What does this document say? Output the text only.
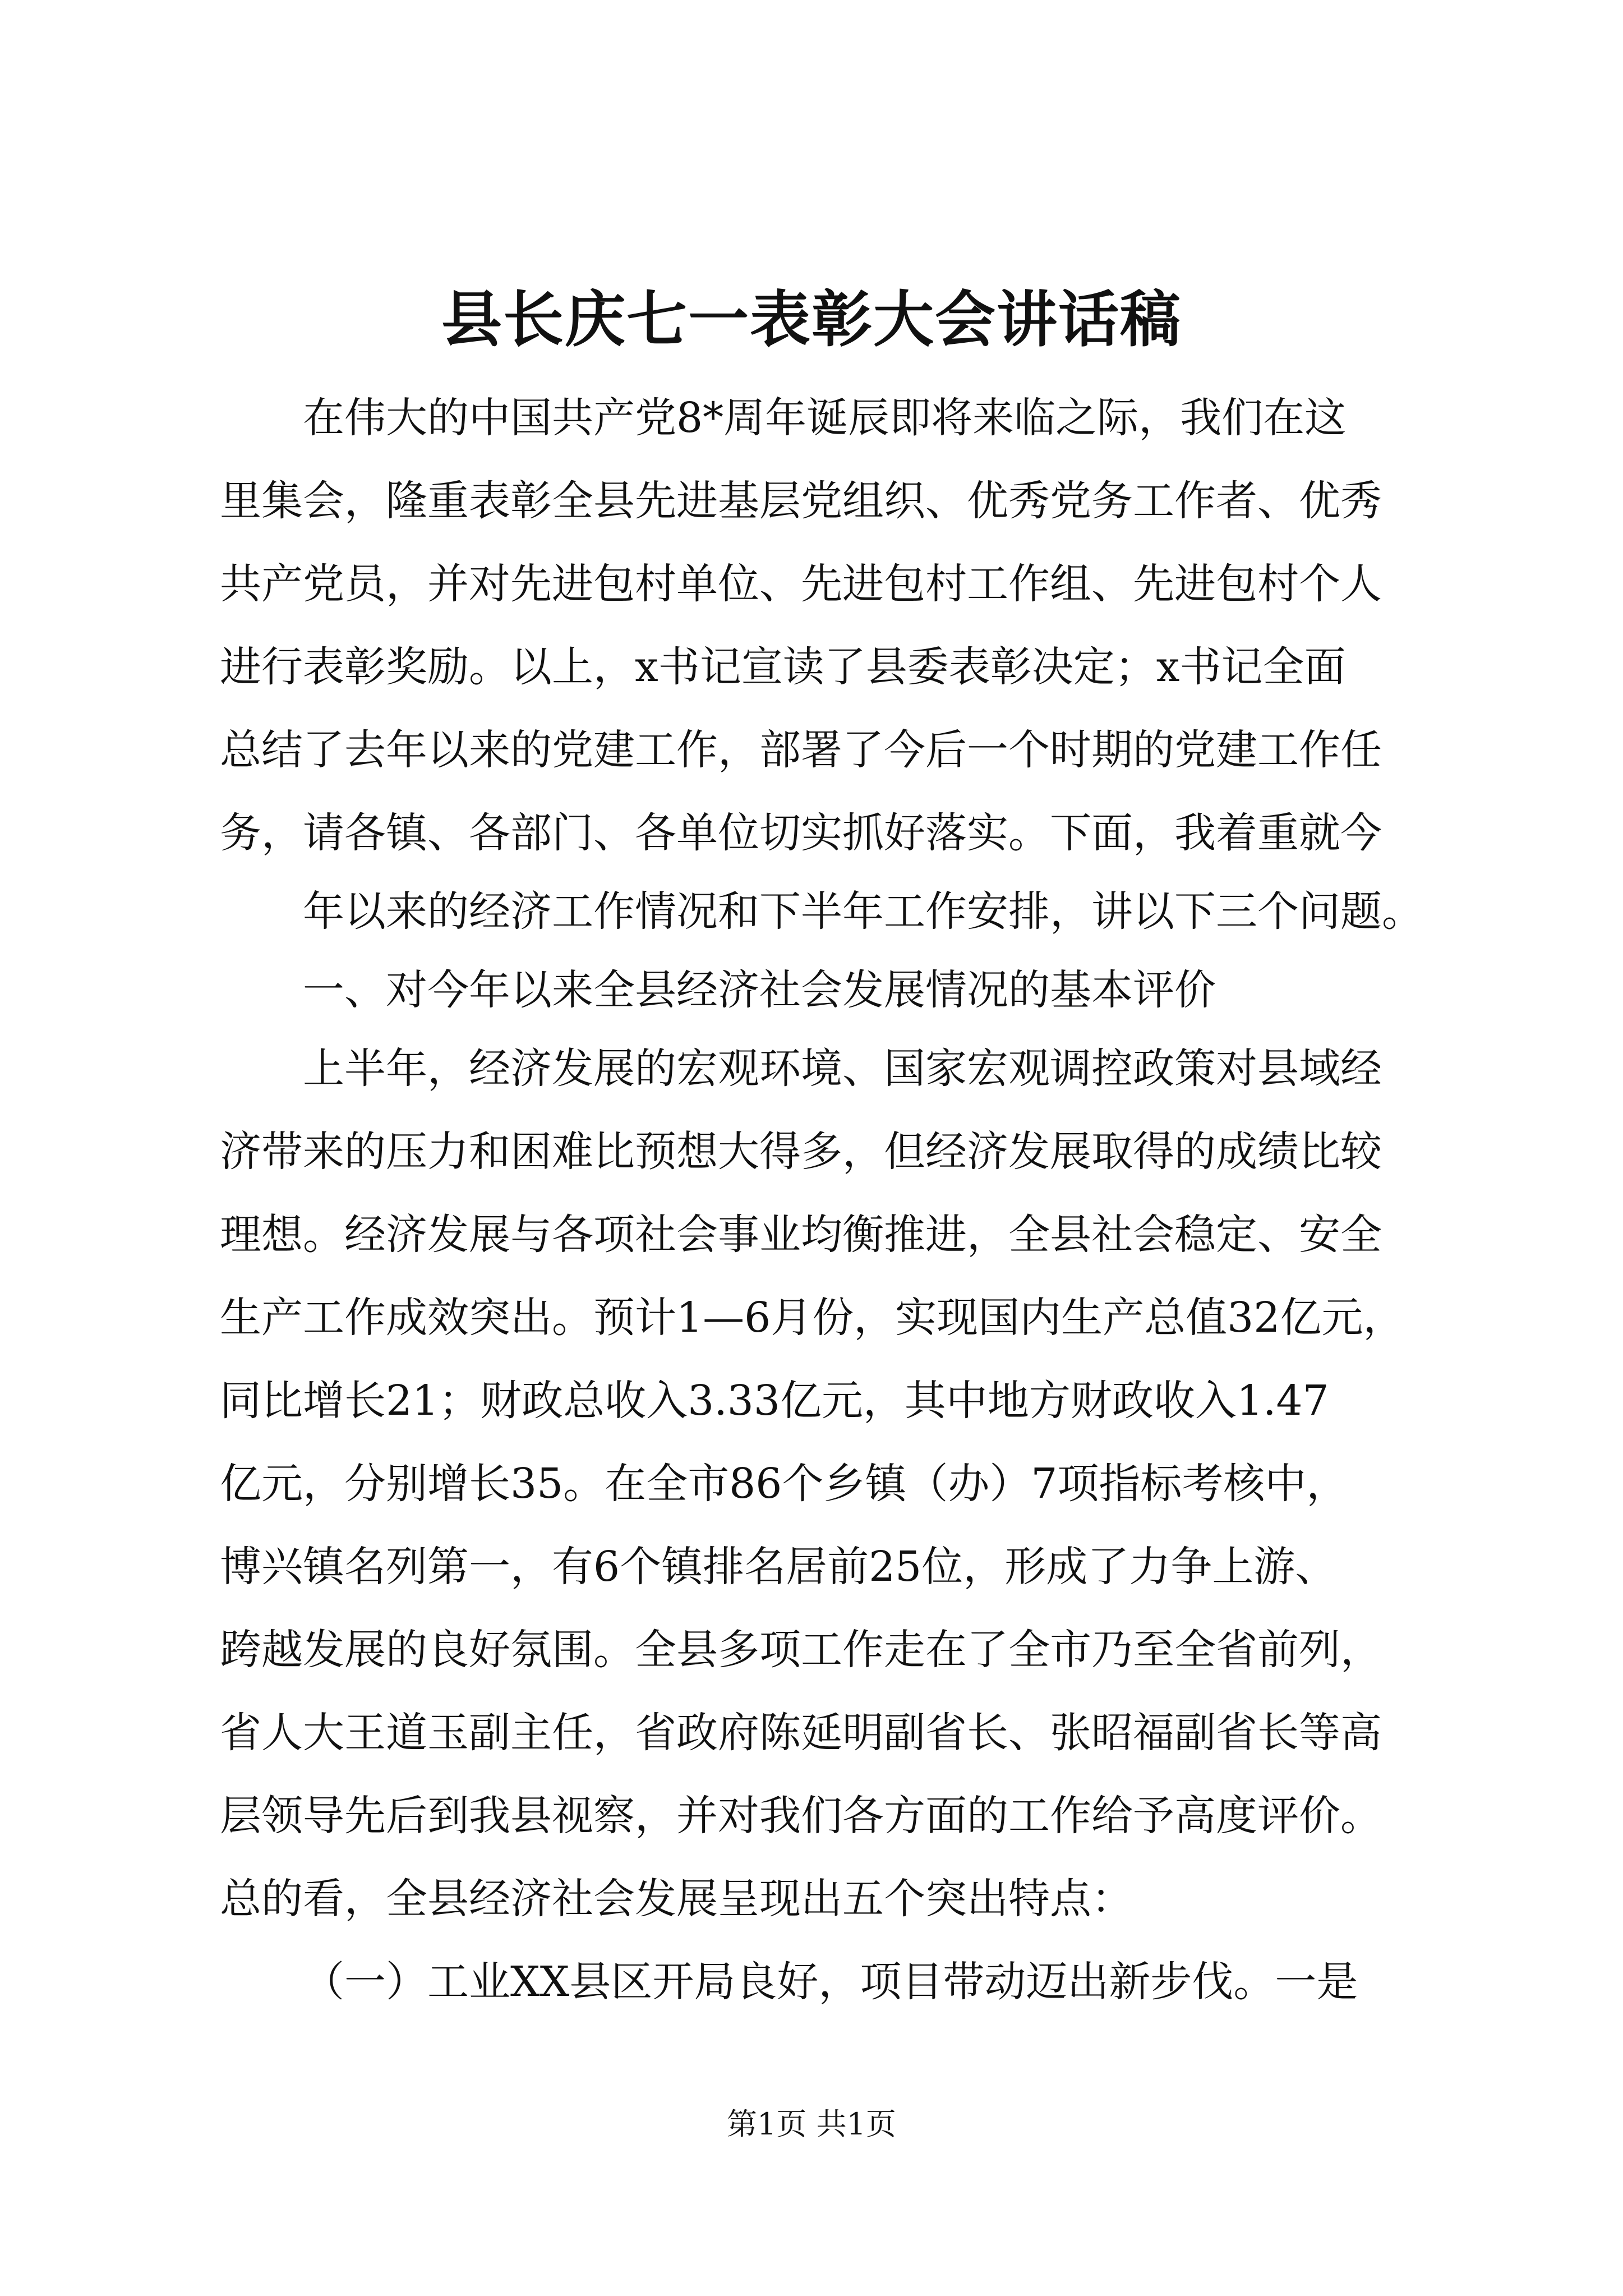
县长庆七一表彰大会讲话稿
在伟大的中国共产党8*周年诞辰即将来临之际，我们在这
里集会，隆重表彰全县先进基层党组织、优秀党务工作者、优秀
共产党员，并对先进包村单位、先进包村工作组、先进包村个人
进行表彰奖励。以上，x书记宣读了县委表彰决定；x书记全面
总结了去年以来的党建工作，部署了今后一个时期的党建工作任
务，请各镇、各部门、各单位切实抓好落实。下面，我着重就今
年以来的经济工作情况和下半年工作安排，讲以下三个问题。
一、对今年以来全县经济社会发展情况的基本评价
上半年，经济发展的宏观环境、国家宏观调控政策对县域经
济带来的压力和困难比预想大得多，但经济发展取得的成绩比较
理想。经济发展与各项社会事业均衡推进，全县社会稳定、安全
生产工作成效突出。预计1—6月份，实现国内生产总值32亿元，
同比增长21；财政总收入3.33亿元，其中地方财政收入1.47
亿元，分别增长35。在全市86个乡镇（办）7项指标考核中，
博兴镇名列第一，有6个镇排名居前25位，形成了力争上游、
跨越发展的良好氛围。全县多项工作走在了全市乃至全省前列，
省人大王道玉副主任，省政府陈延明副省长、张昭福副省长等高
层领导先后到我县视察，并对我们各方面的工作给予高度评价。
总的看，全县经济社会发展呈现出五个突出特点：
（一）工业XX县区开局良好，项目带动迈出新步伐。一是
第1页 共1页
